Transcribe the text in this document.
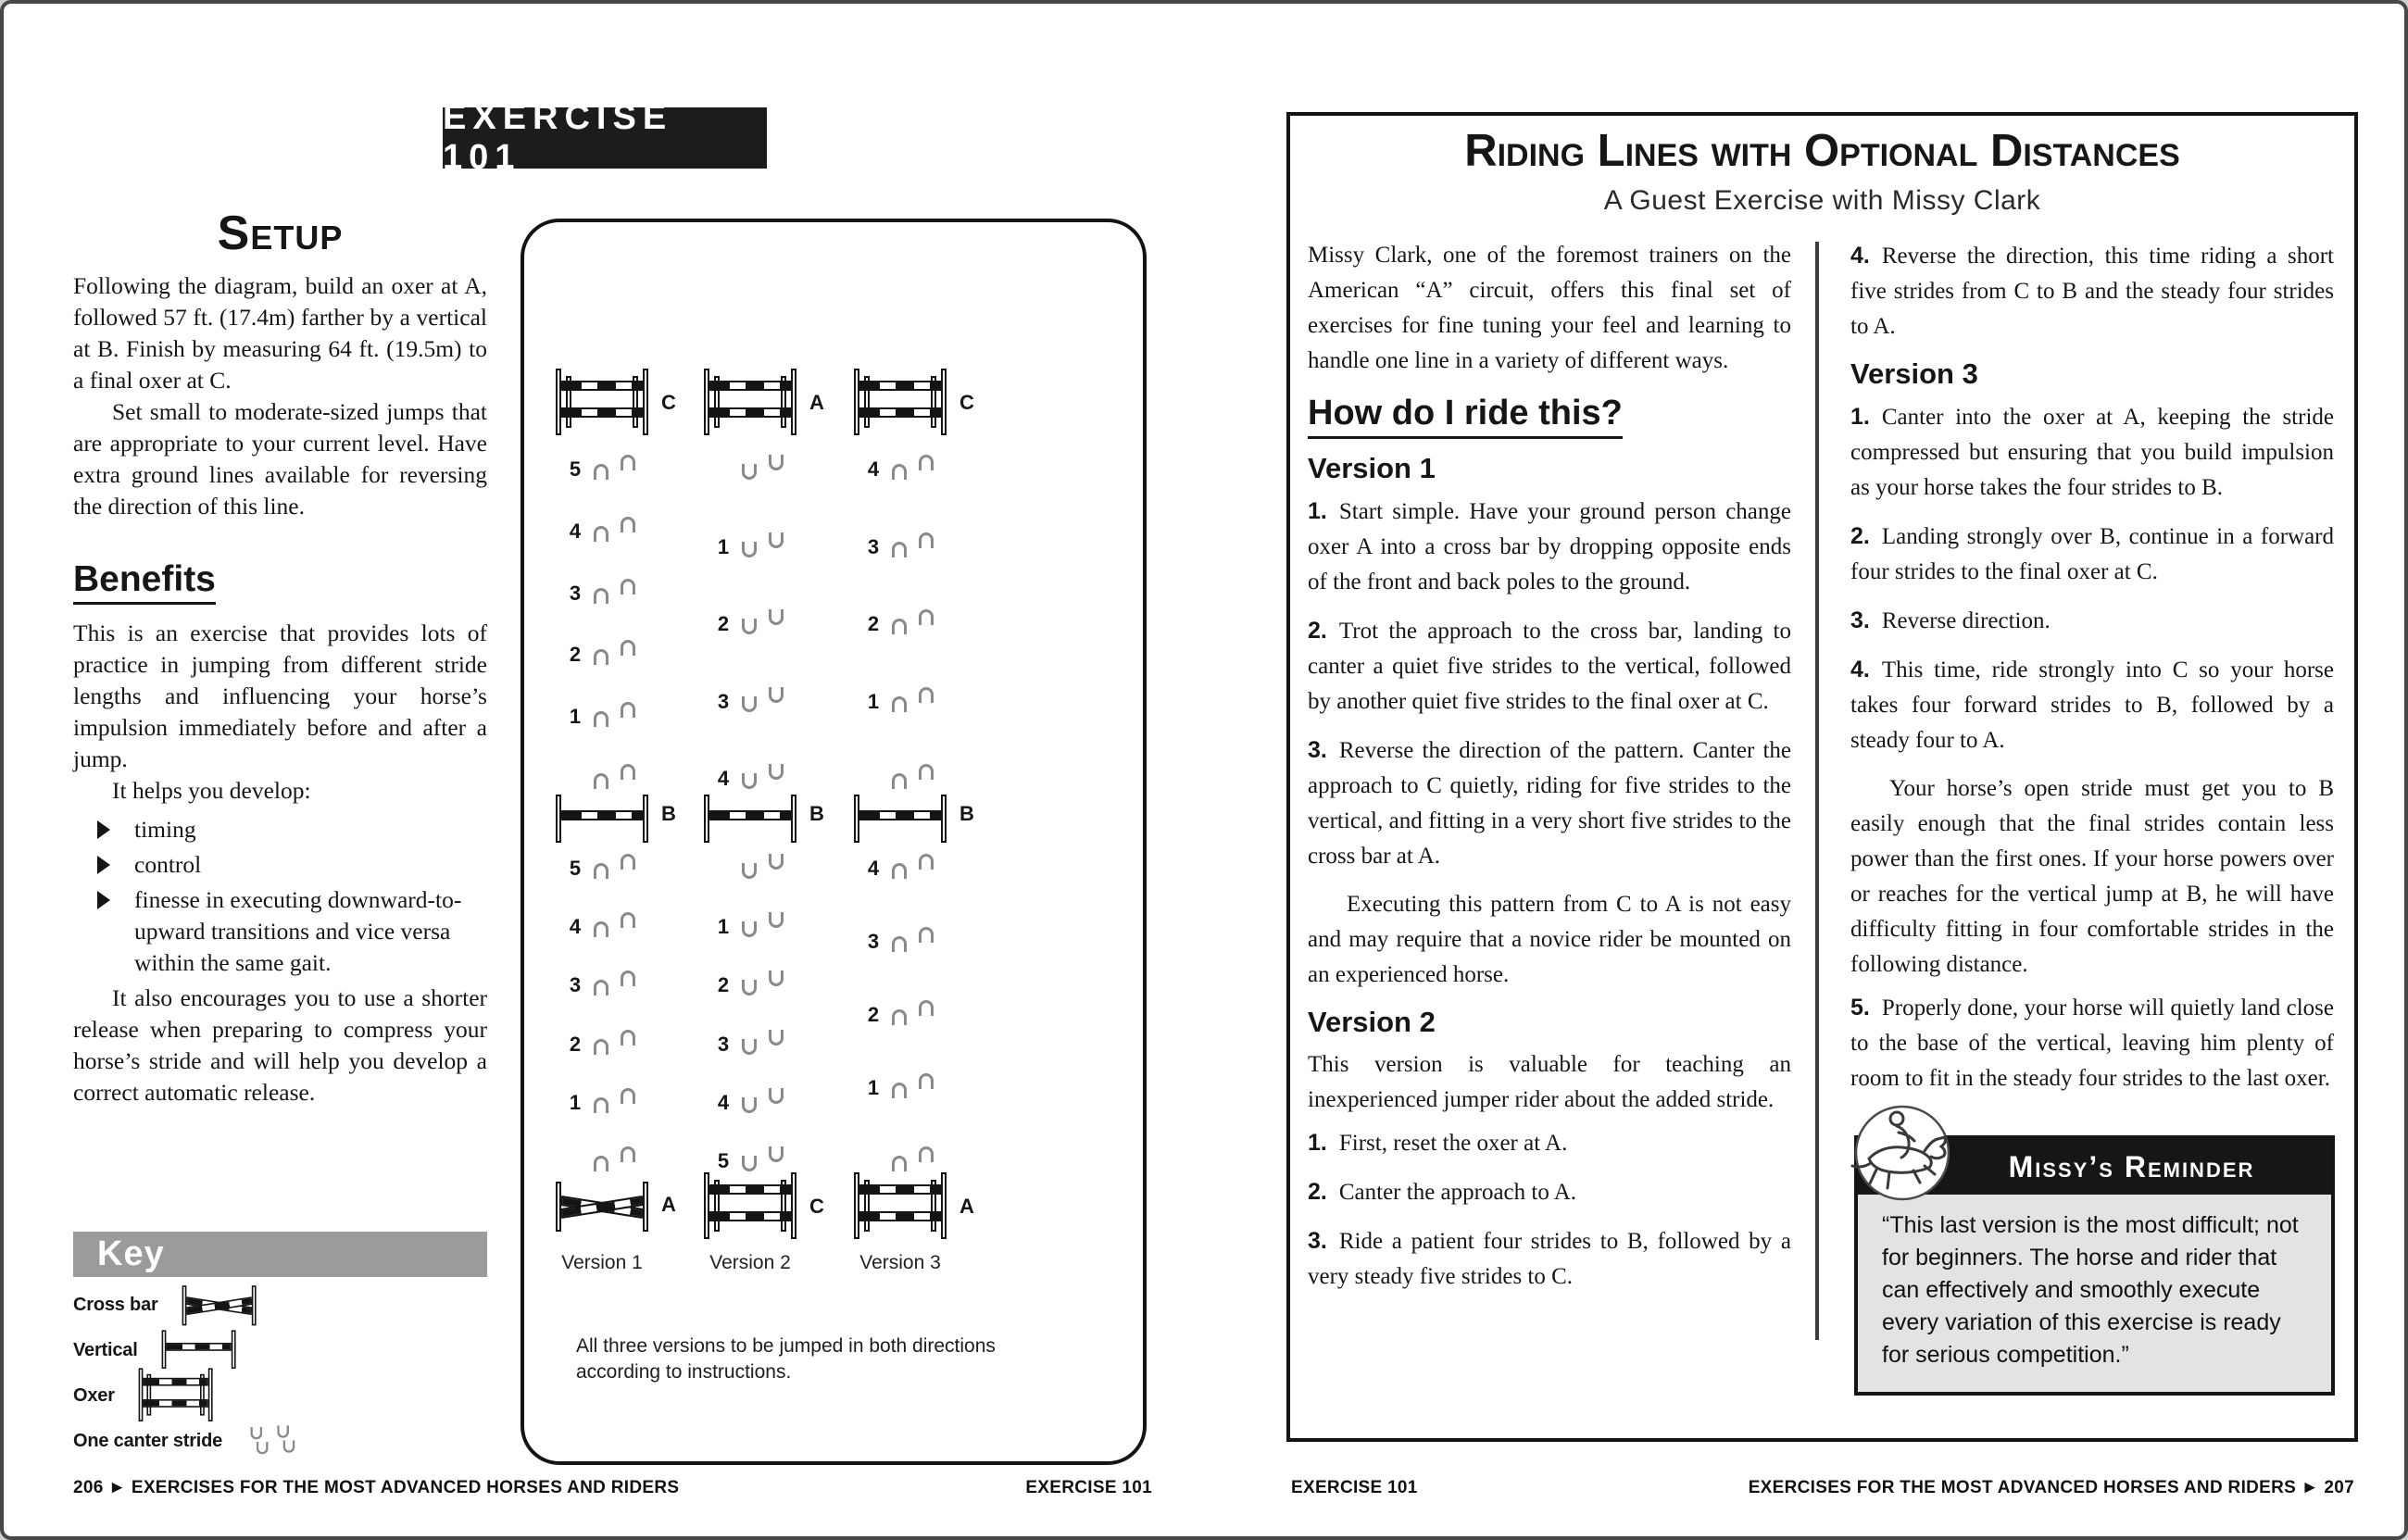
EXERCISE 101
Setup

Following the diagram, build an oxer at A, followed 57 ft. (17.4m) farther by a vertical at B. Finish by measuring 64 ft. (19.5m) to a final oxer at C.

Set small to moderate-sized jumps that are appropriate to your current level. Have extra ground lines available for reversing the direction of this line.

Benefits

This is an exercise that provides lots of practice in jumping from different stride lengths and influencing your horse’s impulsion immediately before and after a jump.

It helps you develop:

timing
control
finesse in executing downward-to-upward transitions and vice versa within the same gait.

It also encourages you to use a shorter release when preparing to compress your horse’s stride and will help you develop a correct automatic release.

Key
Cross bar
Vertical
Oxer
One canter stride
All three versions to be jumped in both directions according to instructions.
C
5
4
3
2
1
B
5
4
3
2
1
A
Version 1
A
1
2
3
4
B
1
2
3
4
5
C
Version 2
C
4
3
2
1
B
4
3
2
1
A
Version 3
206 ► EXERCISES FOR THE MOST ADVANCED HORSES AND RIDERS	EXERCISE 101
Riding Lines with Optional Distances
A Guest Exercise with Missy Clark

Missy Clark, one of the foremost trainers on the American “A” circuit, offers this final set of exercises for fine tuning your feel and learning to handle one line in a variety of different ways.

How do I ride this?
Version 1
1. Start simple. Have your ground person change oxer A into a cross bar by dropping opposite ends of the front and back poles to the ground.
2. Trot the approach to the cross bar, landing to canter a quiet five strides to the vertical, followed by another quiet five strides to the final oxer at C.
3. Reverse the direction of the pattern. Canter the approach to C quietly, riding for five strides to the vertical, and fitting in a very short five strides to the cross bar at A.

Executing this pattern from C to A is not easy and may require that a novice rider be mounted on an experienced horse.

Version 2

This version is valuable for teaching an inexperienced jumper rider about the added stride.

1. First, reset the oxer at A.
2. Canter the approach to A.
3. Ride a patient four strides to B, followed by a very steady five strides to C.
4. Reverse the direction, this time riding a short five strides from C to B and the steady four strides to A.
Version 3
1. Canter into the oxer at A, keeping the stride compressed but ensuring that you build impulsion as your horse takes the four strides to B.
2. Landing strongly over B, continue in a forward four strides to the final oxer at C.
3. Reverse direction.
4. This time, ride strongly into C so your horse takes four forward strides to B, followed by a steady four to A.

Your horse’s open stride must get you to B easily enough that the final strides contain less power than the first ones. If your horse powers over or reaches for the vertical jump at B, he will have difficulty fitting in four comfortable strides in the following distance.

5. Properly done, your horse will quietly land close to the base of the vertical, leaving him plenty of room to fit in the steady four strides to the last oxer.
Missy’s Reminder
“This last version is the most difficult; not for beginners. The horse and rider that can effectively and smoothly execute every variation of this exercise is ready for serious competition.”
EXERCISE 101	EXERCISES FOR THE MOST ADVANCED HORSES AND RIDERS ► 207
